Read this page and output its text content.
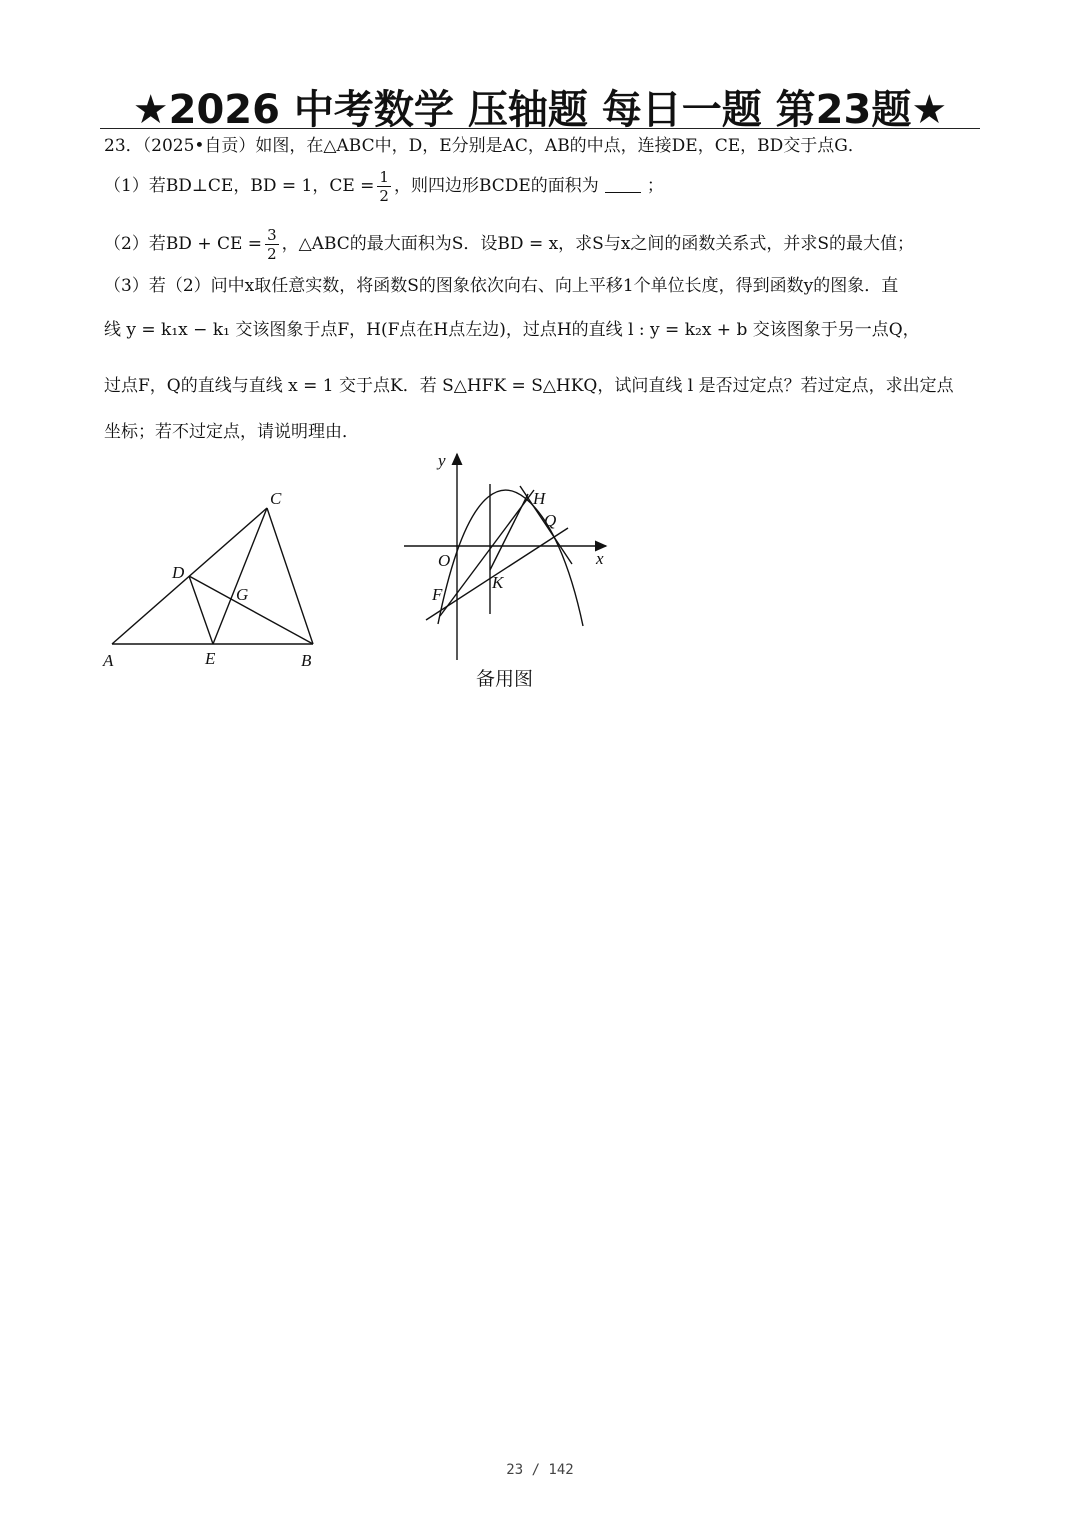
★2026 中考数学 压轴题 每日一题 第23题★
23．（2025•自贡）如图，在△ABC中，D，E分别是AC，AB的中点，连接DE，CE，BD交于点G．
（1）若BD⊥CE，BD = 1，CE = $\frac{1}{2}$ ，则四边形BCDE的面积为	；
（2）若BD + CE = $\frac{3}{2}$ ，△ABC的最大面积为S．设BD = x，求S与x之间的函数关系式，并求S的最大值；
（3）若（2）问中x取任意实数，将函数S的图象依次向右、向上平移1个单位长度，得到函数y的图象．直
线 y = k₁x − k₁ 交该图象于点F，H(F点在H点左边)，过点H的直线 l : y = k₂x + b 交该图象于另一点Q，
过点F，Q的直线与直线 x = 1 交于点K．若 S△HFK = S△HKQ，试问直线 l 是否过定点？若过定点，求出定点
坐标；若不过定点，请说明理由．
A	E	B
C
D
G
y
x
O
H
Q
K
F
备用图
23 / 142
